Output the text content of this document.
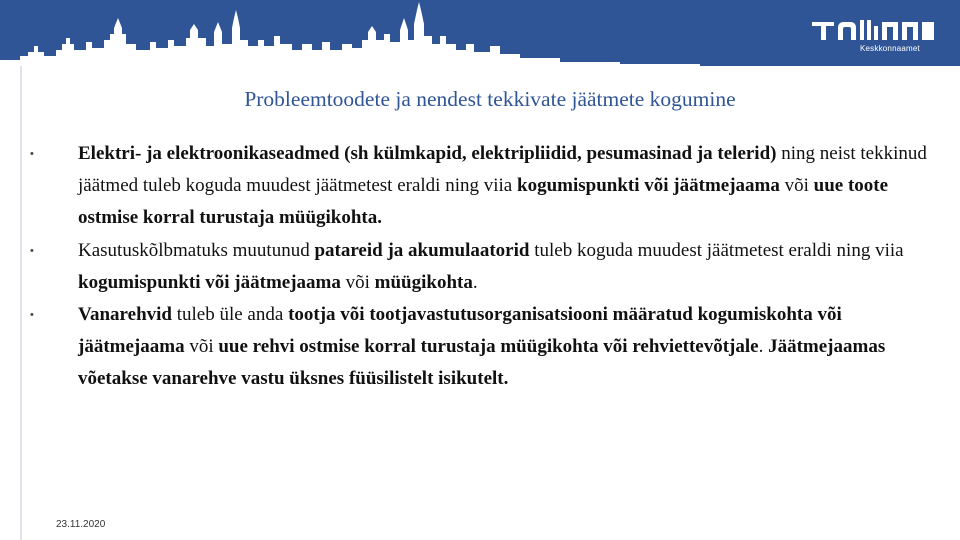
Keskkonnaamet
Probleemtoodete ja nendest tekkivate jäätmete kogumine
• Elektri- ja elektroonikaseadmed (sh külmkapid, elektripliidid, pesumasinad ja telerid) ning neist tekkinud jäätmed tuleb koguda muudest jäätmetest eraldi ning viia kogumispunkti või jäätmejaama või uue toote ostmise korral turustaja müügikohta.
• Kasutuskõlbmatuks muutunud patareid ja akumulaatorid tuleb koguda muudest jäätmetest eraldi ning viia kogumispunkti või jäätmejaama või müügikohta.
• Vanarehvid tuleb üle anda tootja või tootjavastutusorganisatsiooni määratud kogumiskohta või jäätmejaama või uue rehvi ostmise korral turustaja müügikohta või rehviettevõtjale. Jäätmejaamas võetakse vanarehve vastu üksnes füüsilistelt isikutelt.
23.11.2020
